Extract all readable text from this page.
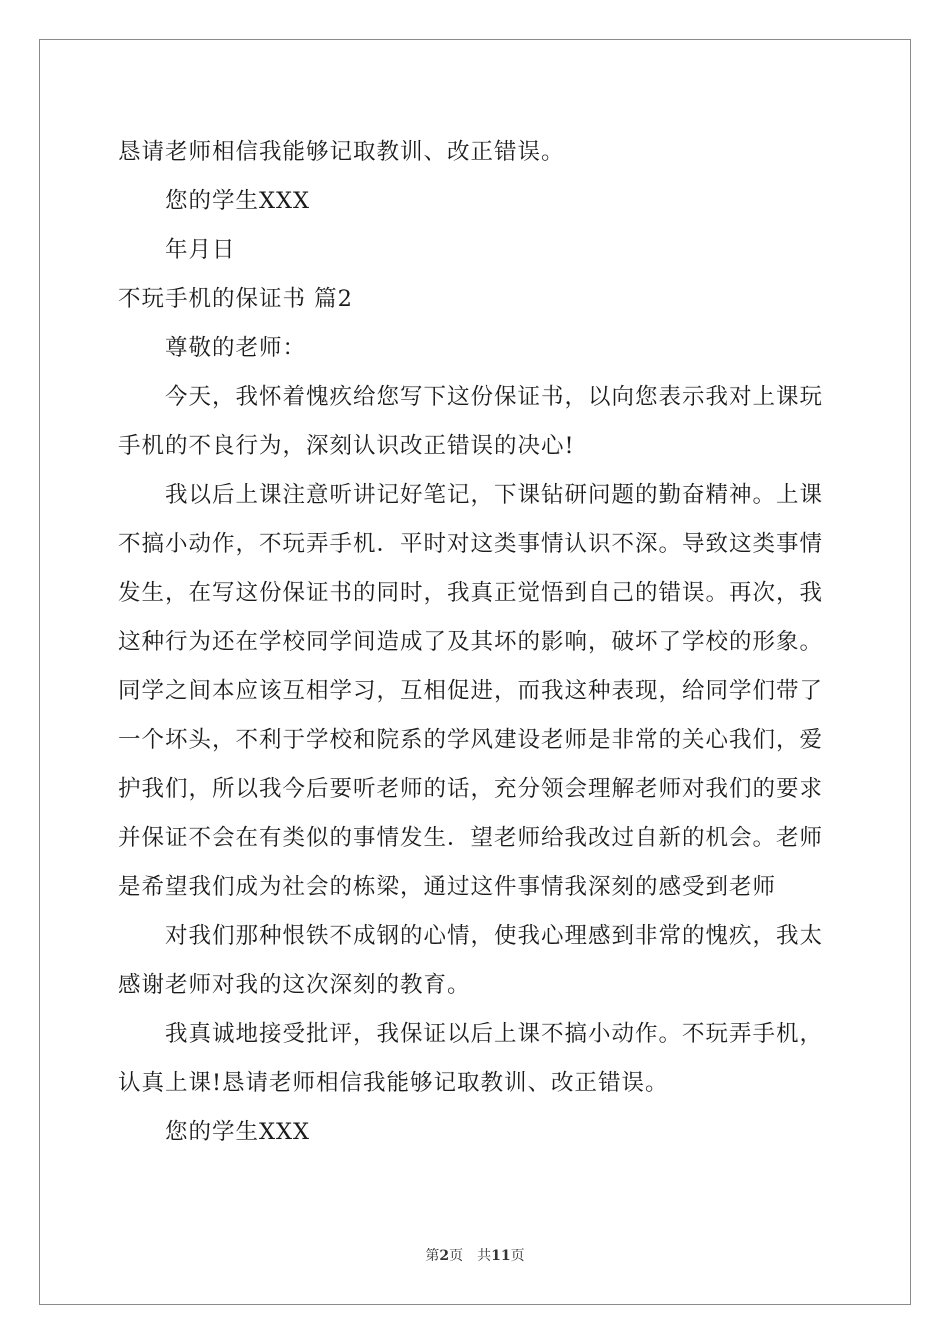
恳请老师相信我能够记取教训、改正错误。
您的学生XXX
年月日
不玩手机的保证书 篇2
尊敬的老师：
今天，我怀着愧疚给您写下这份保证书，以向您表示我对上课玩
手机的不良行为，深刻认识改正错误的决心!
我以后上课注意听讲记好笔记，下课钻研问题的勤奋精神。上课
不搞小动作，不玩弄手机．平时对这类事情认识不深。导致这类事情
发生，在写这份保证书的同时，我真正觉悟到自己的错误。再次，我
这种行为还在学校同学间造成了及其坏的影响，破坏了学校的形象。
同学之间本应该互相学习，互相促进，而我这种表现，给同学们带了
一个坏头，不利于学校和院系的学风建设老师是非常的关心我们，爱
护我们，所以我今后要听老师的话，充分领会理解老师对我们的要求
并保证不会在有类似的事情发生．望老师给我改过自新的机会。老师
是希望我们成为社会的栋梁，通过这件事情我深刻的感受到老师
对我们那种恨铁不成钢的心情，使我心理感到非常的愧疚，我太
感谢老师对我的这次深刻的教育。
我真诚地接受批评，我保证以后上课不搞小动作。不玩弄手机，
认真上课!恳请老师相信我能够记取教训、改正错误。
您的学生XXX
第2页 共11页
